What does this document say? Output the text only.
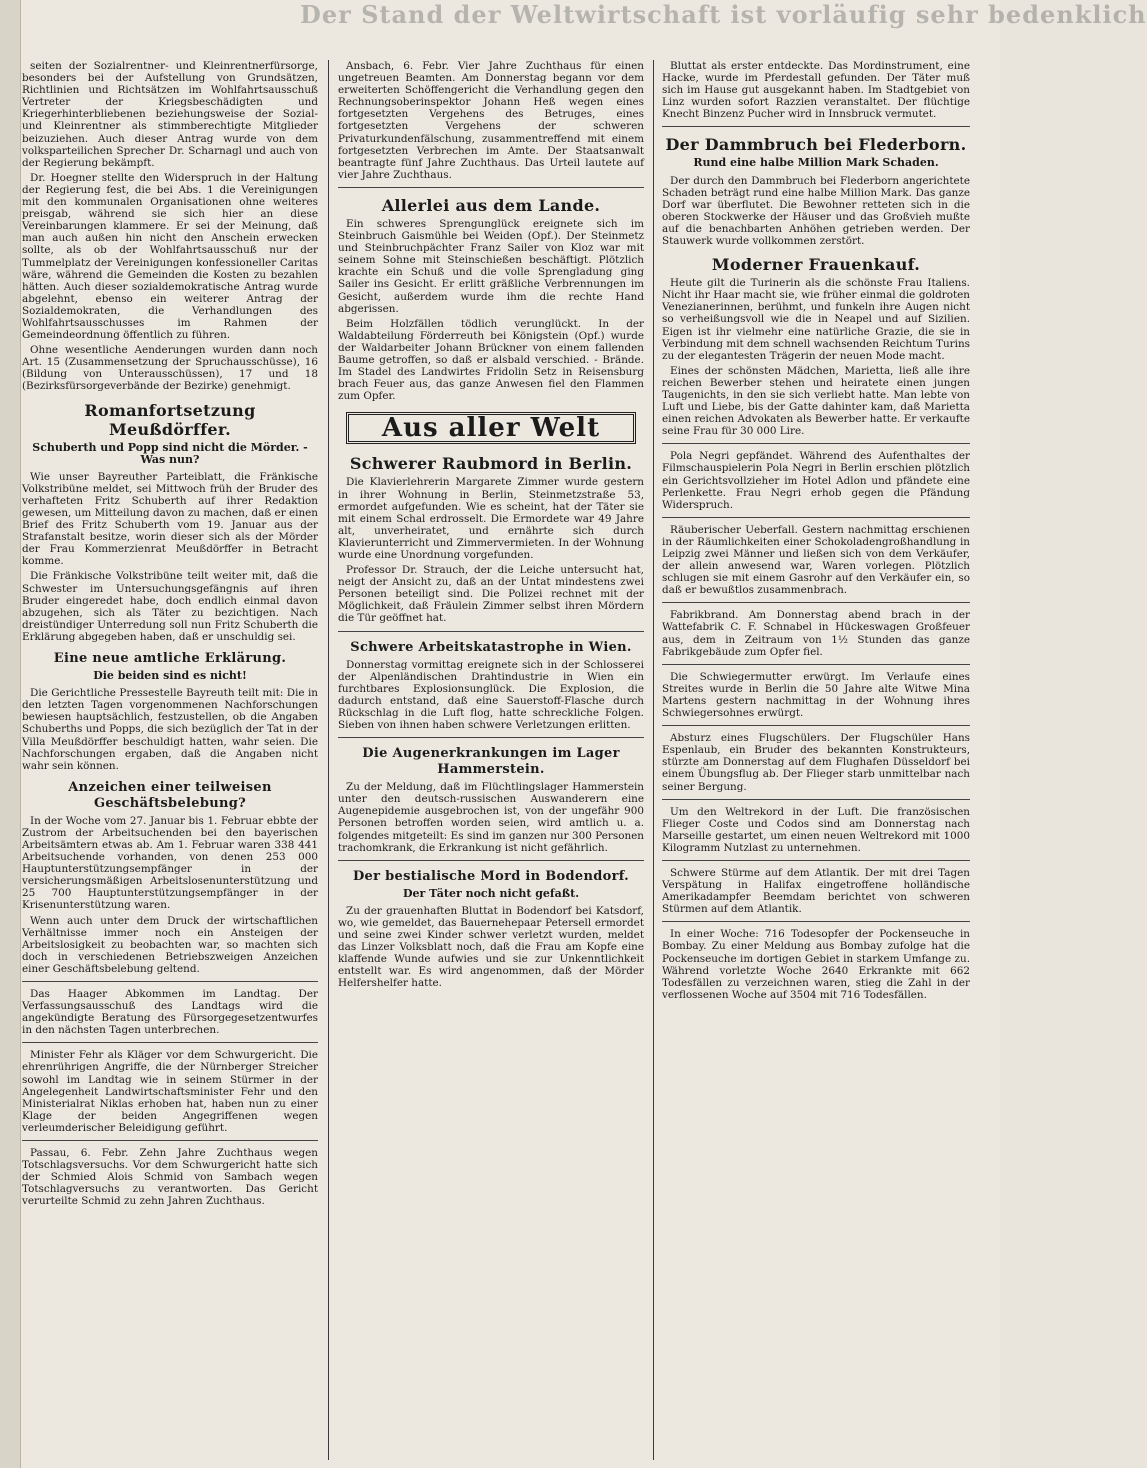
Der Stand der Weltwirtschaft ist vorläufig sehr bedenklich

seiten der Sozialrentner- und Kleinrentnerfürsorge, besonders bei der Aufstellung von Grundsätzen, Richtlinien und Richtsätzen im Wohlfahrtsausschuß Vertreter der Kriegsbeschädigten und Kriegerhinterbliebenen beziehungsweise der Sozial- und Kleinrentner als stimmberechtigte Mitglieder beizuziehen. Auch dieser Antrag wurde von dem volksparteilichen Sprecher Dr. Scharnagl und auch von der Regierung bekämpft.

Dr. Hoegner stellte den Widerspruch in der Haltung der Regierung fest, die bei Abs. 1 die Vereinigungen mit den kommunalen Organisationen ohne weiteres preisgab, während sie sich hier an diese Vereinbarungen klammere. Er sei der Meinung, daß man auch außen hin nicht den Anschein erwecken sollte, als ob der Wohlfahrtsausschuß nur der Tummelplatz der Vereinigungen konfessioneller Caritas wäre, während die Gemeinden die Kosten zu bezahlen hätten. Auch dieser sozialdemokratische Antrag wurde abgelehnt, ebenso ein weiterer Antrag der Sozialdemokraten, die Verhandlungen des Wohlfahrtsausschusses im Rahmen der Gemeindeordnung öffentlich zu führen.

Ohne wesentliche Aenderungen wurden dann noch Art. 15 (Zusammensetzung der Spruchausschüsse), 16 (Bildung von Unterausschüssen), 17 und 18 (Bezirksfürsorgeverbände der Bezirke) genehmigt.

Romanfortsetzung Meußdörffer.
Schuberth und Popp sind nicht die Mörder. - Was nun?

Wie unser Bayreuther Parteiblatt, die Fränkische Volkstribüne meldet, sei Mittwoch früh der Bruder des verhafteten Fritz Schuberth auf ihrer Redaktion gewesen, um Mitteilung davon zu machen, daß er einen Brief des Fritz Schuberth vom 19. Januar aus der Strafanstalt besitze, worin dieser sich als der Mörder der Frau Kommerzienrat Meußdörffer in Betracht komme.

Die Fränkische Volkstribüne teilt weiter mit, daß die Schwester im Untersuchungsgefängnis auf ihren Bruder eingeredet habe, doch endlich einmal davon abzugehen, sich als Täter zu bezichtigen. Nach dreistündiger Unterredung soll nun Fritz Schuberth die Erklärung abgegeben haben, daß er unschuldig sei.

Eine neue amtliche Erklärung.
Die beiden sind es nicht!

Die Gerichtliche Pressestelle Bayreuth teilt mit: Die in den letzten Tagen vorgenommenen Nachforschungen bewiesen hauptsächlich, festzustellen, ob die Angaben Schuberths und Popps, die sich bezüglich der Tat in der Villa Meußdörffer beschuldigt hatten, wahr seien. Die Nachforschungen ergaben, daß die Angaben nicht wahr sein können.

Anzeichen einer teilweisen Geschäftsbelebung?

In der Woche vom 27. Januar bis 1. Februar ebbte der Zustrom der Arbeitsuchenden bei den bayerischen Arbeitsämtern etwas ab. Am 1. Februar waren 338 441 Arbeitsuchende vorhanden, von denen 253 000 Hauptunterstützungsempfänger in der versicherungsmäßigen Arbeitslosenunterstützung und 25 700 Hauptunterstützungsempfänger in der Krisenunterstützung waren.

Wenn auch unter dem Druck der wirtschaftlichen Verhältnisse immer noch ein Ansteigen der Arbeitslosigkeit zu beobachten war, so machten sich doch in verschiedenen Betriebszweigen Anzeichen einer Geschäftsbelebung geltend.

Das Haager Abkommen im Landtag. Der Verfassungsausschuß des Landtags wird die angekündigte Beratung des Fürsorgegesetzentwurfes in den nächsten Tagen unterbrechen.

Minister Fehr als Kläger vor dem Schwurgericht. Die ehrenrührigen Angriffe, die der Nürnberger Streicher sowohl im Landtag wie in seinem Stürmer in der Angelegenheit Landwirtschaftsminister Fehr und den Ministerialrat Niklas erhoben hat, haben nun zu einer Klage der beiden Angegriffenen wegen verleumderischer Beleidigung geführt.

Passau, 6. Febr. Zehn Jahre Zuchthaus wegen Totschlagsversuchs. Vor dem Schwurgericht hatte sich der Schmied Alois Schmid von Sambach wegen Totschlagversuchs zu verantworten. Das Gericht verurteilte Schmid zu zehn Jahren Zuchthaus.

Ansbach, 6. Febr. Vier Jahre Zuchthaus für einen ungetreuen Beamten. Am Donnerstag begann vor dem erweiterten Schöffengericht die Verhandlung gegen den Rechnungsoberinspektor Johann Heß wegen eines fortgesetzten Vergehens des Betruges, eines fortgesetzten Vergehens der schweren Privaturkundenfälschung, zusammentreffend mit einem fortgesetzten Verbrechen im Amte. Der Staatsanwalt beantragte fünf Jahre Zuchthaus. Das Urteil lautete auf vier Jahre Zuchthaus.

Allerlei aus dem Lande.

Ein schweres Sprengunglück ereignete sich im Steinbruch Gaismühle bei Weiden (Opf.). Der Steinmetz und Steinbruchpächter Franz Sailer von Kloz war mit seinem Sohne mit Steinschießen beschäftigt. Plötzlich krachte ein Schuß und die volle Sprengladung ging Sailer ins Gesicht. Er erlitt gräßliche Verbrennungen im Gesicht, außerdem wurde ihm die rechte Hand abgerissen.

Beim Holzfällen tödlich verunglückt. In der Waldabteilung Förderreuth bei Königstein (Opf.) wurde der Waldarbeiter Johann Brückner von einem fallenden Baume getroffen, so daß er alsbald verschied. - Brände. Im Stadel des Landwirtes Fridolin Setz in Reisensburg brach Feuer aus, das ganze Anwesen fiel den Flammen zum Opfer.

Aus aller Welt
Schwerer Raubmord in Berlin.

Die Klavierlehrerin Margarete Zimmer wurde gestern in ihrer Wohnung in Berlin, Steinmetzstraße 53, ermordet aufgefunden. Wie es scheint, hat der Täter sie mit einem Schal erdrosselt. Die Ermordete war 49 Jahre alt, unverheiratet, und ernährte sich durch Klavierunterricht und Zimmervermieten. In der Wohnung wurde eine Unordnung vorgefunden.

Professor Dr. Strauch, der die Leiche untersucht hat, neigt der Ansicht zu, daß an der Untat mindestens zwei Personen beteiligt sind. Die Polizei rechnet mit der Möglichkeit, daß Fräulein Zimmer selbst ihren Mördern die Tür geöffnet hat.

Schwere Arbeitskatastrophe in Wien.

Donnerstag vormittag ereignete sich in der Schlosserei der Alpenländischen Drahtindustrie in Wien ein furchtbares Explosionsunglück. Die Explosion, die dadurch entstand, daß eine Sauerstoff-Flasche durch Rückschlag in die Luft flog, hatte schreckliche Folgen. Sieben von ihnen haben schwere Verletzungen erlitten.

Die Augenerkrankungen im Lager Hammerstein.

Zu der Meldung, daß im Flüchtlingslager Hammerstein unter den deutsch-russischen Auswanderern eine Augenepidemie ausgebrochen ist, von der ungefähr 900 Personen betroffen worden seien, wird amtlich u. a. folgendes mitgeteilt: Es sind im ganzen nur 300 Personen trachomkrank, die Erkrankung ist nicht gefährlich.

Der bestialische Mord in Bodendorf.
Der Täter noch nicht gefaßt.

Zu der grauenhaften Bluttat in Bodendorf bei Katsdorf, wo, wie gemeldet, das Bauernehepaar Petersell ermordet und seine zwei Kinder schwer verletzt wurden, meldet das Linzer Volksblatt noch, daß die Frau am Kopfe eine klaffende Wunde aufwies und sie zur Unkenntlichkeit entstellt war. Es wird angenommen, daß der Mörder Helfershelfer hatte.

Bluttat als erster entdeckte. Das Mordinstrument, eine Hacke, wurde im Pferdestall gefunden. Der Täter muß sich im Hause gut ausgekannt haben. Im Stadtgebiet von Linz wurden sofort Razzien veranstaltet. Der flüchtige Knecht Binzenz Pucher wird in Innsbruck vermutet.

Der Dammbruch bei Flederborn.
Rund eine halbe Million Mark Schaden.

Der durch den Dammbruch bei Flederborn angerichtete Schaden beträgt rund eine halbe Million Mark. Das ganze Dorf war überflutet. Die Bewohner retteten sich in die oberen Stockwerke der Häuser und das Großvieh mußte auf die benachbarten Anhöhen getrieben werden. Der Stauwerk wurde vollkommen zerstört.

Moderner Frauenkauf.

Heute gilt die Turinerin als die schönste Frau Italiens. Nicht ihr Haar macht sie, wie früher einmal die goldroten Venezianerinnen, berühmt, und funkeln ihre Augen nicht so verheißungsvoll wie die in Neapel und auf Sizilien. Eigen ist ihr vielmehr eine natürliche Grazie, die sie in Verbindung mit dem schnell wachsenden Reichtum Turins zu der elegantesten Trägerin der neuen Mode macht.

Eines der schönsten Mädchen, Marietta, ließ alle ihre reichen Bewerber stehen und heiratete einen jungen Taugenichts, in den sie sich verliebt hatte. Man lebte von Luft und Liebe, bis der Gatte dahinter kam, daß Marietta einen reichen Advokaten als Bewerber hatte. Er verkaufte seine Frau für 30 000 Lire.

Pola Negri gepfändet. Während des Aufenthaltes der Filmschauspielerin Pola Negri in Berlin erschien plötzlich ein Gerichtsvollzieher im Hotel Adlon und pfändete eine Perlenkette. Frau Negri erhob gegen die Pfändung Widerspruch.

Räuberischer Ueberfall. Gestern nachmittag erschienen in der Räumlichkeiten einer Schokoladengroßhandlung in Leipzig zwei Männer und ließen sich von dem Verkäufer, der allein anwesend war, Waren vorlegen. Plötzlich schlugen sie mit einem Gasrohr auf den Verkäufer ein, so daß er bewußtlos zusammenbrach.

Fabrikbrand. Am Donnerstag abend brach in der Wattefabrik C. F. Schnabel in Hückeswagen Großfeuer aus, dem in Zeitraum von 1½ Stunden das ganze Fabrikgebäude zum Opfer fiel.

Die Schwiegermutter erwürgt. Im Verlaufe eines Streites wurde in Berlin die 50 Jahre alte Witwe Mina Martens gestern nachmittag in der Wohnung ihres Schwiegersohnes erwürgt.

Absturz eines Flugschülers. Der Flugschüler Hans Espenlaub, ein Bruder des bekannten Konstrukteurs, stürzte am Donnerstag auf dem Flughafen Düsseldorf bei einem Übungsflug ab. Der Flieger starb unmittelbar nach seiner Bergung.

Um den Weltrekord in der Luft. Die französischen Flieger Coste und Codos sind am Donnerstag nach Marseille gestartet, um einen neuen Weltrekord mit 1000 Kilogramm Nutzlast zu unternehmen.

Schwere Stürme auf dem Atlantik. Der mit drei Tagen Verspätung in Halifax eingetroffene holländische Amerikadampfer Beemdam berichtet von schweren Stürmen auf dem Atlantik.

In einer Woche: 716 Todesopfer der Pockenseuche in Bombay. Zu einer Meldung aus Bombay zufolge hat die Pockenseuche im dortigen Gebiet in starkem Umfange zu. Während vorletzte Woche 2640 Erkrankte mit 662 Todesfällen zu verzeichnen waren, stieg die Zahl in der verflossenen Woche auf 3504 mit 716 Todesfällen.
